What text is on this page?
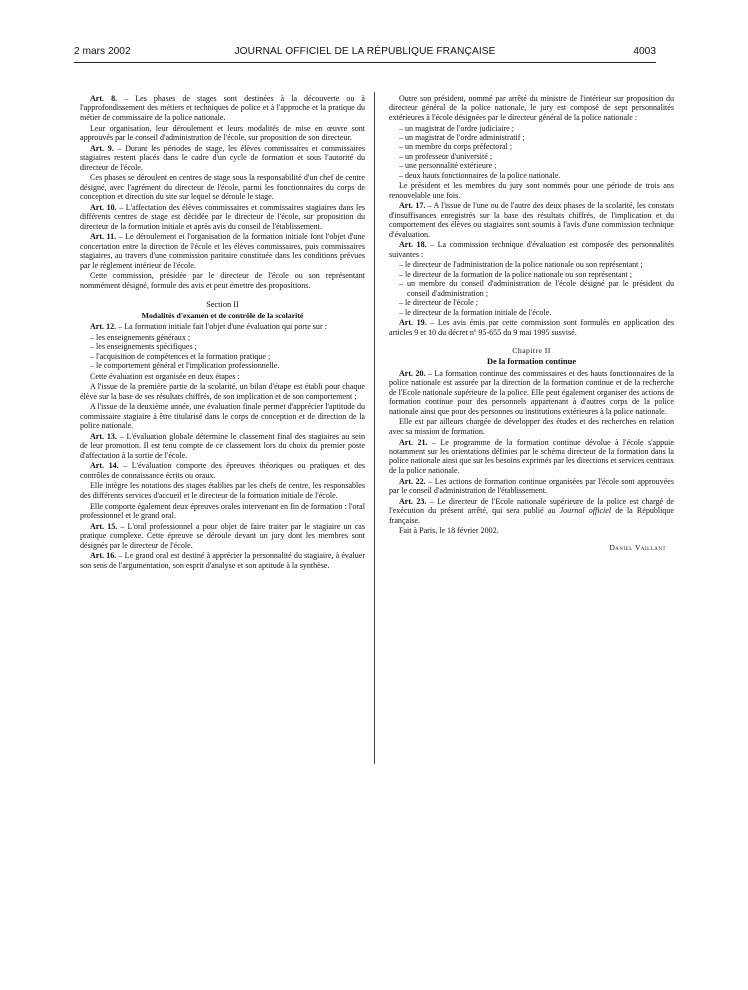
2 mars 2002	JOURNAL OFFICIEL DE LA RÉPUBLIQUE FRANÇAISE	4003

Art. 8. – Les phases de stages sont destinées à la découverte ou à l'approfondissement des métiers et techniques de police et à l'approche et la pratique du métier de commissaire de la police nationale.

Leur organisation, leur déroulement et leurs modalités de mise en œuvre sont approuvés par le conseil d'administration de l'école, sur proposition de son directeur.

Art. 9. – Durant les périodes de stage, les élèves commissaires et commissaires stagiaires restent placés dans le cadre d'un cycle de formation et sous l'autorité du directeur de l'école.

Ces phases se déroulent en centres de stage sous la responsabilité d'un chef de centre désigné, avec l'agrément du directeur de l'école, parmi les fonctionnaires du corps de conception et direction du site sur lequel se déroule le stage.

Art. 10. – L'affectation des élèves commissaires et commissaires stagiaires dans les différents centres de stage est décidée par le directeur de l'école, sur proposition du directeur de la formation initiale et après avis du conseil de l'établissement.

Art. 11. – Le déroulement et l'organisation de la formation initiale font l'objet d'une concertation entre la direction de l'école et les élèves commissaires, puis commissaires stagiaires, au travers d'une commission paritaire constituée dans les conditions prévues par le règlement intérieur de l'école.

Cette commission, présidée par le directeur de l'école ou son représentant nommément désigné, formule des avis et peut émettre des propositions.

Section II
Modalités d'examen et de contrôle de la scolarité

Art. 12. – La formation initiale fait l'objet d'une évaluation qui porte sur :

– les enseignements généraux ;
– les enseignements spécifiques ;
– l'acquisition de compétences et la formation pratique ;
– le comportement général et l'implication professionnelle.

Cette évaluation est organisée en deux étapes :

A l'issue de la première partie de la scolarité, un bilan d'étape est établi pour chaque élève sur la base de ses résultats chiffrés, de son implication et de son comportement ;

A l'issue de la deuxième année, une évaluation finale permet d'apprécier l'aptitude du commissaire stagiaire à être titularisé dans le corps de conception et de direction de la police nationale.

Art. 13. – L'évaluation globale détermine le classement final des stagiaires au sein de leur promotion. Il est tenu compte de ce classement lors du choix du premier poste d'affectation à la sortie de l'école.

Art. 14. – L'évaluation comporte des épreuves théoriques ou pratiques et des contrôles de connaissance écrits ou oraux.

Elle intègre les notations des stages établies par les chefs de centre, les responsables des différents services d'accueil et le directeur de la formation initiale de l'école.

Elle comporte également deux épreuves orales intervenant en fin de formation : l'oral professionnel et le grand oral.

Art. 15. – L'oral professionnel a pour objet de faire traiter par le stagiaire un cas pratique complexe. Cette épreuve se déroule devant un jury dont les membres sont désignés par le directeur de l'école.

Art. 16. – Le grand oral est destiné à apprécier la personnalité du stagiaire, à évaluer son sens de l'argumentation, son esprit d'analyse et son aptitude à la synthèse.

Outre son président, nommé par arrêté du ministre de l'intérieur sur proposition du directeur général de la police nationale, le jury est composé de sept personnalités extérieures à l'école désignées par le directeur général de la police nationale :

– un magistrat de l'ordre judiciaire ;
– un magistrat de l'ordre administratif ;
– un membre du corps préfectoral ;
– un professeur d'université ;
– une personnalité extérieure ;
– deux hauts fonctionnaires de la police nationale.

Le président et les membres du jury sont nommés pour une période de trois ans renouvelable une fois.

Art. 17. – A l'issue de l'une ou de l'autre des deux phases de la scolarité, les constats d'insuffisances enregistrés sur la base des résultats chiffrés, de l'implication et du comportement des élèves ou stagiaires sont soumis à l'avis d'une commission technique d'évaluation.

Art. 18. – La commission technique d'évaluation est composée des personnalités suivantes :

– le directeur de l'administration de la police nationale ou son représentant ;
– le directeur de la formation de la police nationale ou son représentant ;
– un membre du conseil d'administration de l'école désigné par le président du conseil d'administration ;
– le directeur de l'école ;
– le directeur de la formation initiale de l'école.

Art. 19. – Les avis émis par cette commission sont formulés en application des articles 9 et 10 du décret nº 95-655 du 9 mai 1995 susvisé.

Chapitre II
De la formation continue

Art. 20. – La formation continue des commissaires et des hauts fonctionnaires de la police nationale est assurée par la direction de la formation continue et de la recherche de l'Ecole nationale supérieure de la police. Elle peut également organiser des actions de formation continue pour des personnels appartenant à d'autres corps de la police nationale ainsi que pour des personnes ou institutions extérieures à la police nationale.

Elle est par ailleurs chargée de développer des études et des recherches en relation avec sa mission de formation.

Art. 21. – Le programme de la formation continue dévolue à l'école s'appuie notamment sur les orientations définies par le schéma directeur de la formation dans la police nationale ainsi que sur les besoins exprimés par les directions et services centraux de la police nationale.

Art. 22. – Les actions de formation continue organisées par l'école sont approuvées par le conseil d'administration de l'établissement.

Art. 23. – Le directeur de l'Ecole nationale supérieure de la police est chargé de l'exécution du présent arrêté, qui sera publié au Journal officiel de la République française.

Fait à Paris, le 18 février 2002.

Daniel Vaillant
